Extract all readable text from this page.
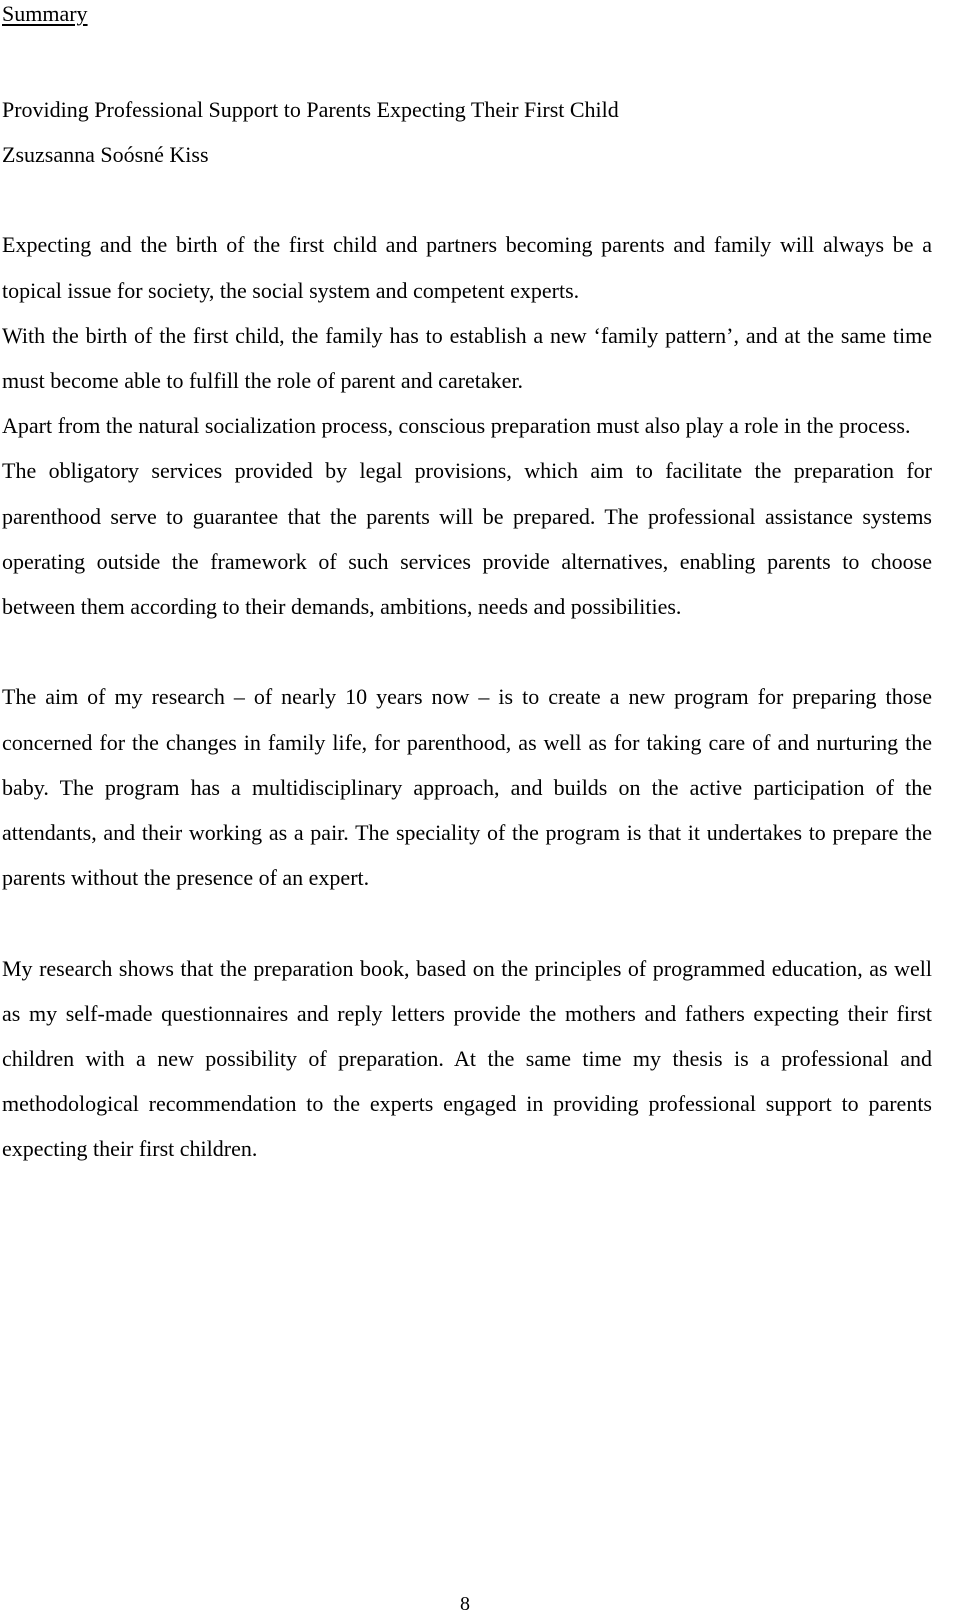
Summary

Providing Professional Support to Parents Expecting Their First Child

Zsuzsanna Soósné Kiss

Expecting and the birth of the first child and partners becoming parents and family will always be a topical issue for society, the social system and competent experts.

With the birth of the first child, the family has to establish a new ‘family pattern’, and at the same time must become able to fulfill the role of parent and caretaker.

Apart from the natural socialization process, conscious preparation must also play a role in the process.

The obligatory services provided by legal provisions, which aim to facilitate the preparation for parenthood serve to guarantee that the parents will be prepared. The professional assistance systems operating outside the framework of such services provide alternatives, enabling parents to choose between them according to their demands, ambitions, needs and possibilities.

The aim of my research – of nearly 10 years now – is to create a new program for preparing those concerned for the changes in family life, for parenthood, as well as for taking care of and nurturing the baby. The program has a multidisciplinary approach, and builds on the active participation of the attendants, and their working as a pair. The speciality of the program is that it undertakes to prepare the parents without the presence of an expert.

My research shows that the preparation book, based on the principles of programmed education, as well as my self-made questionnaires and reply letters provide the mothers and fathers expecting their first children with a new possibility of preparation. At the same time my thesis is a professional and methodological recommendation to the experts engaged in providing professional support to parents expecting their first children.

8
